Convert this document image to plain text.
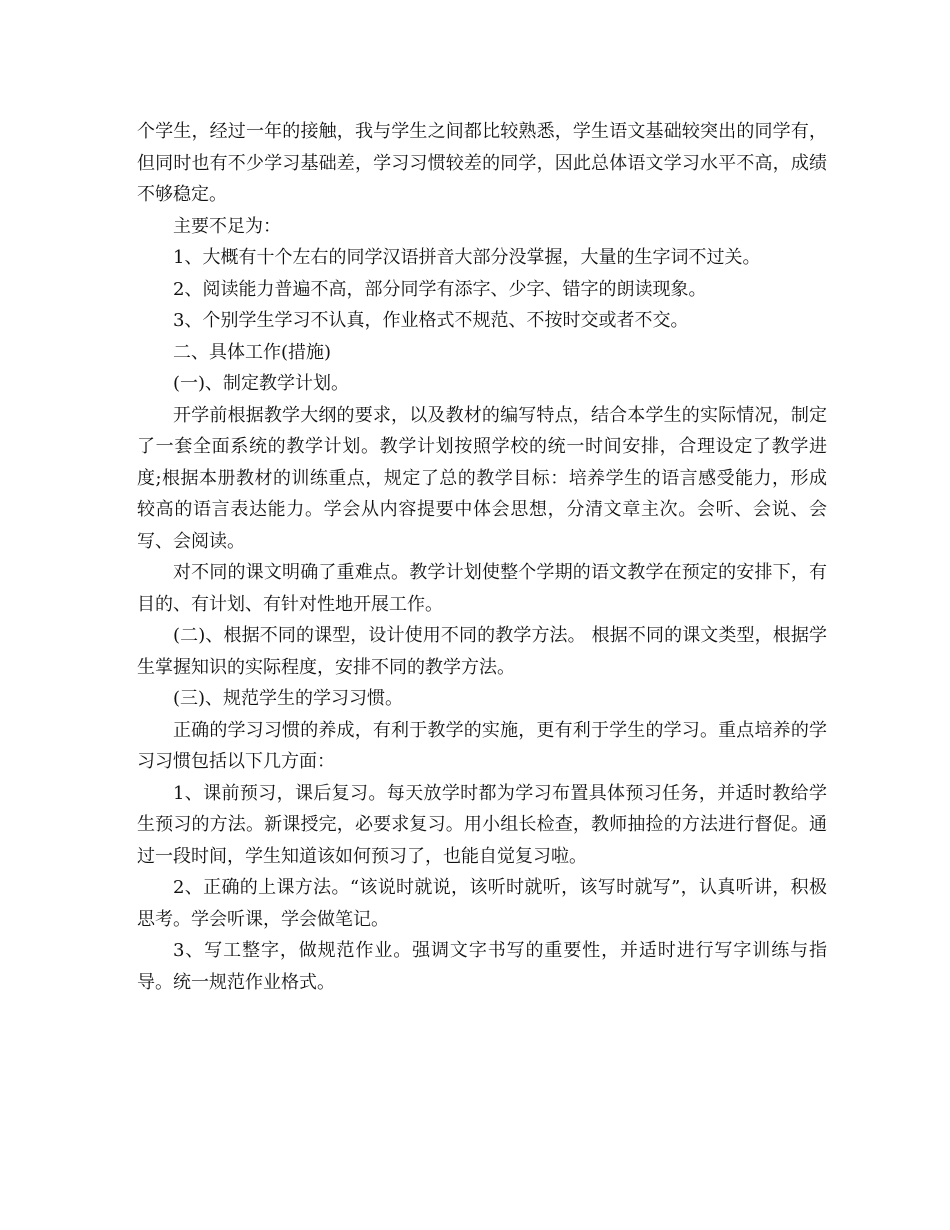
个学生，经过一年的接触，我与学生之间都比较熟悉，学生语文基础较突出的同学有，但同时也有不少学习基础差，学习习惯较差的同学，因此总体语文学习水平不高，成绩不够稳定。

主要不足为：

1、大概有十个左右的同学汉语拼音大部分没掌握，大量的生字词不过关。

2、阅读能力普遍不高，部分同学有添字、少字、错字的朗读现象。

3、个别学生学习不认真，作业格式不规范、不按时交或者不交。

二、具体工作(措施)

(一)、制定教学计划。

开学前根据教学大纲的要求，以及教材的编写特点，结合本学生的实际情况，制定了一套全面系统的教学计划。教学计划按照学校的统一时间安排，合理设定了教学进度;根据本册教材的训练重点，规定了总的教学目标：培养学生的语言感受能力，形成较高的语言表达能力。学会从内容提要中体会思想，分清文章主次。会听、会说、会写、会阅读。

对不同的课文明确了重难点。教学计划使整个学期的语文教学在预定的安排下，有目的、有计划、有针对性地开展工作。

(二)、根据不同的课型，设计使用不同的教学方法。 根据不同的课文类型，根据学生掌握知识的实际程度，安排不同的教学方法。

(三)、规范学生的学习习惯。

正确的学习习惯的养成，有利于教学的实施，更有利于学生的学习。重点培养的学习习惯包括以下几方面：

1、课前预习，课后复习。每天放学时都为学习布置具体预习任务，并适时教给学生预习的方法。新课授完，必要求复习。用小组长检查，教师抽捡的方法进行督促。通过一段时间，学生知道该如何预习了，也能自觉复习啦。

2、正确的上课方法。“该说时就说，该听时就听，该写时就写”，认真听讲，积极思考。学会听课，学会做笔记。

3、写工整字，做规范作业。强调文字书写的重要性，并适时进行写字训练与指导。统一规范作业格式。
